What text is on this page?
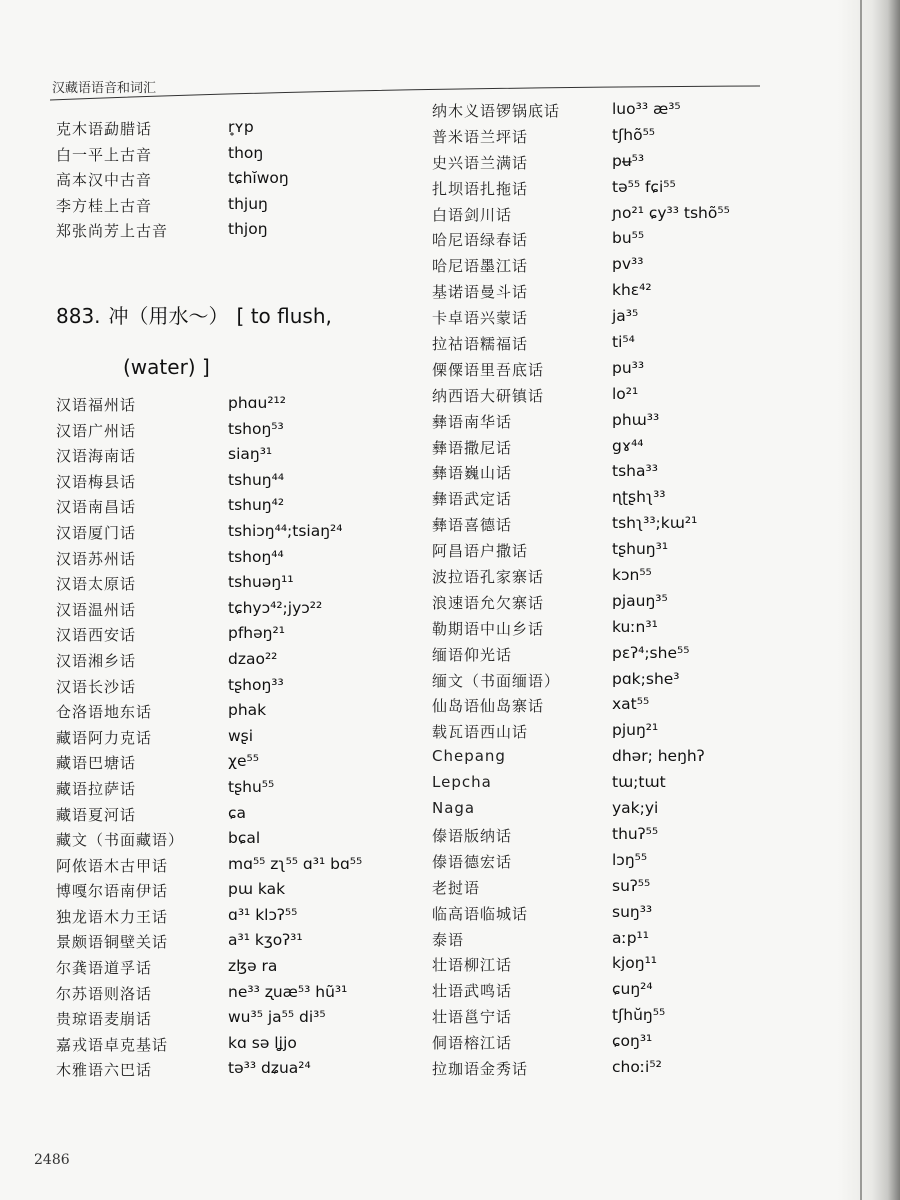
汉藏语语音和词汇
克木语勐腊话	r̥ʏp
白一平上古音	thoŋ
高本汉中古音	tɕhĭwoŋ
李方桂上古音	thjuŋ
郑张尚芳上古音	thjoŋ
883. 冲（用水～） [ to flush,
(water) ]
汉语福州话	phɑu²¹²
汉语广州话	tshoŋ⁵³
汉语海南话	siaŋ³¹
汉语梅县话	tshuŋ⁴⁴
汉语南昌话	tshuŋ⁴²
汉语厦门话	tshiɔŋ⁴⁴;tsiaŋ²⁴
汉语苏州话	tshoŋ⁴⁴
汉语太原话	tshuəŋ¹¹
汉语温州话	tɕhyɔ⁴²;jyɔ²²
汉语西安话	pfhəŋ²¹
汉语湘乡话	dzao²²
汉语长沙话	tʂhoŋ³³
仓洛语地东话	phak
藏语阿力克话	wʂi
藏语巴塘话	χe⁵⁵
藏语拉萨话	tʂhu⁵⁵
藏语夏河话	ɕa
藏文（书面藏语）	bɕal
阿侬语木古甲话	mɑ⁵⁵ zʅ⁵⁵ ɑ³¹ bɑ⁵⁵
博嘎尔语南伊话	pɯ kak
独龙语木力王话	ɑ³¹ klɔʔ⁵⁵
景颇语铜壁关话	a³¹ kʒoʔ³¹
尔龚语道孚话	zɮə ra
尔苏语则洛话	ne³³ ʐuæ⁵³ hũ³¹
贵琼语麦崩话	wu³⁵ ja⁵⁵ di³⁵
嘉戎语卓克基话	kɑ sə lʝjo
木雅语六巴话	tə³³ dʑua²⁴
纳木义语锣锅底话	luo³³ æ³⁵
普米语兰坪话	tʃhõ⁵⁵
史兴语兰满话	pʉ⁵³
扎坝语扎拖话	tə⁵⁵ fɕi⁵⁵
白语剑川话	ɲo²¹ ɕy³³ tshõ⁵⁵
哈尼语绿春话	bu⁵⁵
哈尼语墨江话	pv³³
基诺语曼斗话	khɛ⁴²
卡卓语兴蒙话	ja³⁵
拉祜语糯福话	ti⁵⁴
傈僳语里吾底话	pu³³
纳西语大研镇话	lo²¹
彝语南华话	phɯ³³
彝语撒尼话	gɤ⁴⁴
彝语巍山话	tsha³³
彝语武定话	ɳʈʂhʅ³³
彝语喜德话	tshʅ³³;kɯ²¹
阿昌语户撒话	tʂhuŋ³¹
波拉语孔家寨话	kɔn⁵⁵
浪速语允欠寨话	pjauŋ³⁵
勒期语中山乡话	kuːn³¹
缅语仰光话	pɛʔ⁴;she⁵⁵
缅文（书面缅语）	pɑk;she³
仙岛语仙岛寨话	xat⁵⁵
载瓦语西山话	pjuŋ²¹
Chepang	dhər; heŋhʔ
Lepcha	tɯ;tɯt
Naga	yak;yi
傣语版纳话	thuʔ⁵⁵
傣语德宏话	lɔŋ⁵⁵
老挝语	suʔ⁵⁵
临高语临城话	suŋ³³
泰语	aːp¹¹
壮语柳江话	kjoŋ¹¹
壮语武鸣话	ɕuŋ²⁴
壮语邕宁话	tʃhŭŋ⁵⁵
侗语榕江话	ɕoŋ³¹
拉珈语金秀话	choːi⁵²
2486
